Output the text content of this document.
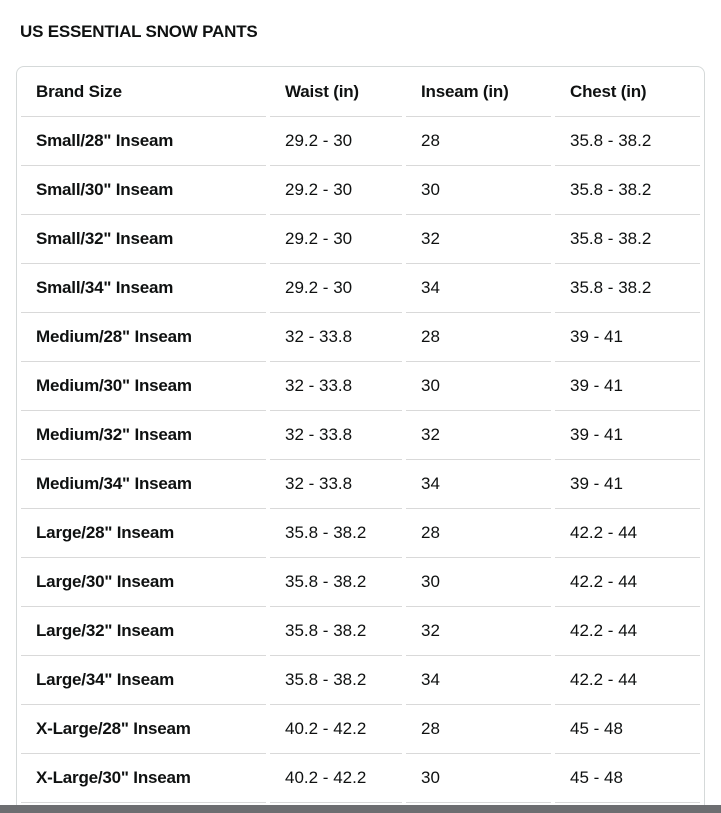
US ESSENTIAL SNOW PANTS
Brand Size	Waist (in)	Inseam (in)	Chest (in)
Small/28" Inseam	29.2 - 30	28	35.8 - 38.2
Small/30" Inseam	29.2 - 30	30	35.8 - 38.2
Small/32" Inseam	29.2 - 30	32	35.8 - 38.2
Small/34" Inseam	29.2 - 30	34	35.8 - 38.2
Medium/28" Inseam	32 - 33.8	28	39 - 41
Medium/30" Inseam	32 - 33.8	30	39 - 41
Medium/32" Inseam	32 - 33.8	32	39 - 41
Medium/34" Inseam	32 - 33.8	34	39 - 41
Large/28" Inseam	35.8 - 38.2	28	42.2 - 44
Large/30" Inseam	35.8 - 38.2	30	42.2 - 44
Large/32" Inseam	35.8 - 38.2	32	42.2 - 44
Large/34" Inseam	35.8 - 38.2	34	42.2 - 44
X-Large/28" Inseam	40.2 - 42.2	28	45 - 48
X-Large/30" Inseam	40.2 - 42.2	30	45 - 48
